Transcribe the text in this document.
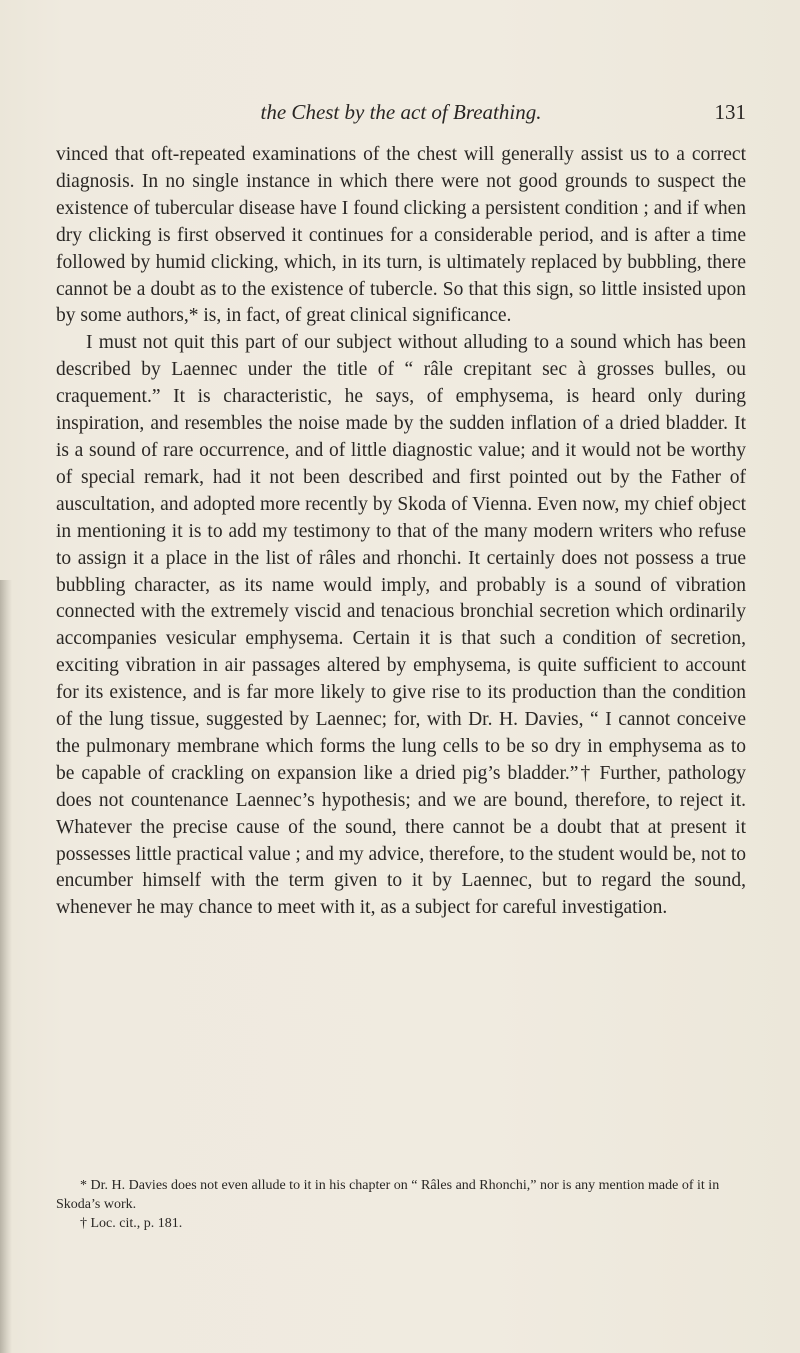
the Chest by the act of Breathing.	131

vinced that oft-repeated examinations of the chest will generally assist us to a correct diagnosis. In no single instance in which there were not good grounds to suspect the existence of tubercular disease have I found clicking a persistent condition ; and if when dry clicking is first observed it continues for a considerable period, and is after a time followed by humid clicking, which, in its turn, is ultimately replaced by bubbling, there cannot be a doubt as to the existence of tubercle. So that this sign, so little insisted upon by some authors,* is, in fact, of great clinical significance.

I must not quit this part of our subject without alluding to a sound which has been described by Laennec under the title of “ râle crepitant sec à grosses bulles, ou craquement.” It is characteristic, he says, of emphysema, is heard only during inspiration, and resembles the noise made by the sudden inflation of a dried bladder. It is a sound of rare occurrence, and of little diagnostic value; and it would not be worthy of special remark, had it not been described and first pointed out by the Father of auscultation, and adopted more recently by Skoda of Vienna. Even now, my chief object in mentioning it is to add my testimony to that of the many modern writers who refuse to assign it a place in the list of râles and rhonchi. It certainly does not possess a true bubbling character, as its name would imply, and probably is a sound of vibration connected with the extremely viscid and tenacious bronchial secretion which ordinarily accompanies vesicular emphysema. Certain it is that such a condition of secretion, exciting vibration in air passages altered by emphysema, is quite sufficient to account for its existence, and is far more likely to give rise to its production than the condition of the lung tissue, suggested by Laennec; for, with Dr. H. Davies, “ I cannot conceive the pulmonary membrane which forms the lung cells to be so dry in emphysema as to be capable of crackling on expansion like a dried pig’s bladder.”† Further, pathology does not countenance Laennec’s hypothesis; and we are bound, therefore, to reject it. Whatever the precise cause of the sound, there cannot be a doubt that at present it possesses little practical value ; and my advice, therefore, to the student would be, not to encumber himself with the term given to it by Laennec, but to regard the sound, whenever he may chance to meet with it, as a subject for careful investigation.

* Dr. H. Davies does not even allude to it in his chapter on “ Râles and Rhonchi,” nor is any mention made of it in Skoda’s work.

† Loc. cit., p. 181.
